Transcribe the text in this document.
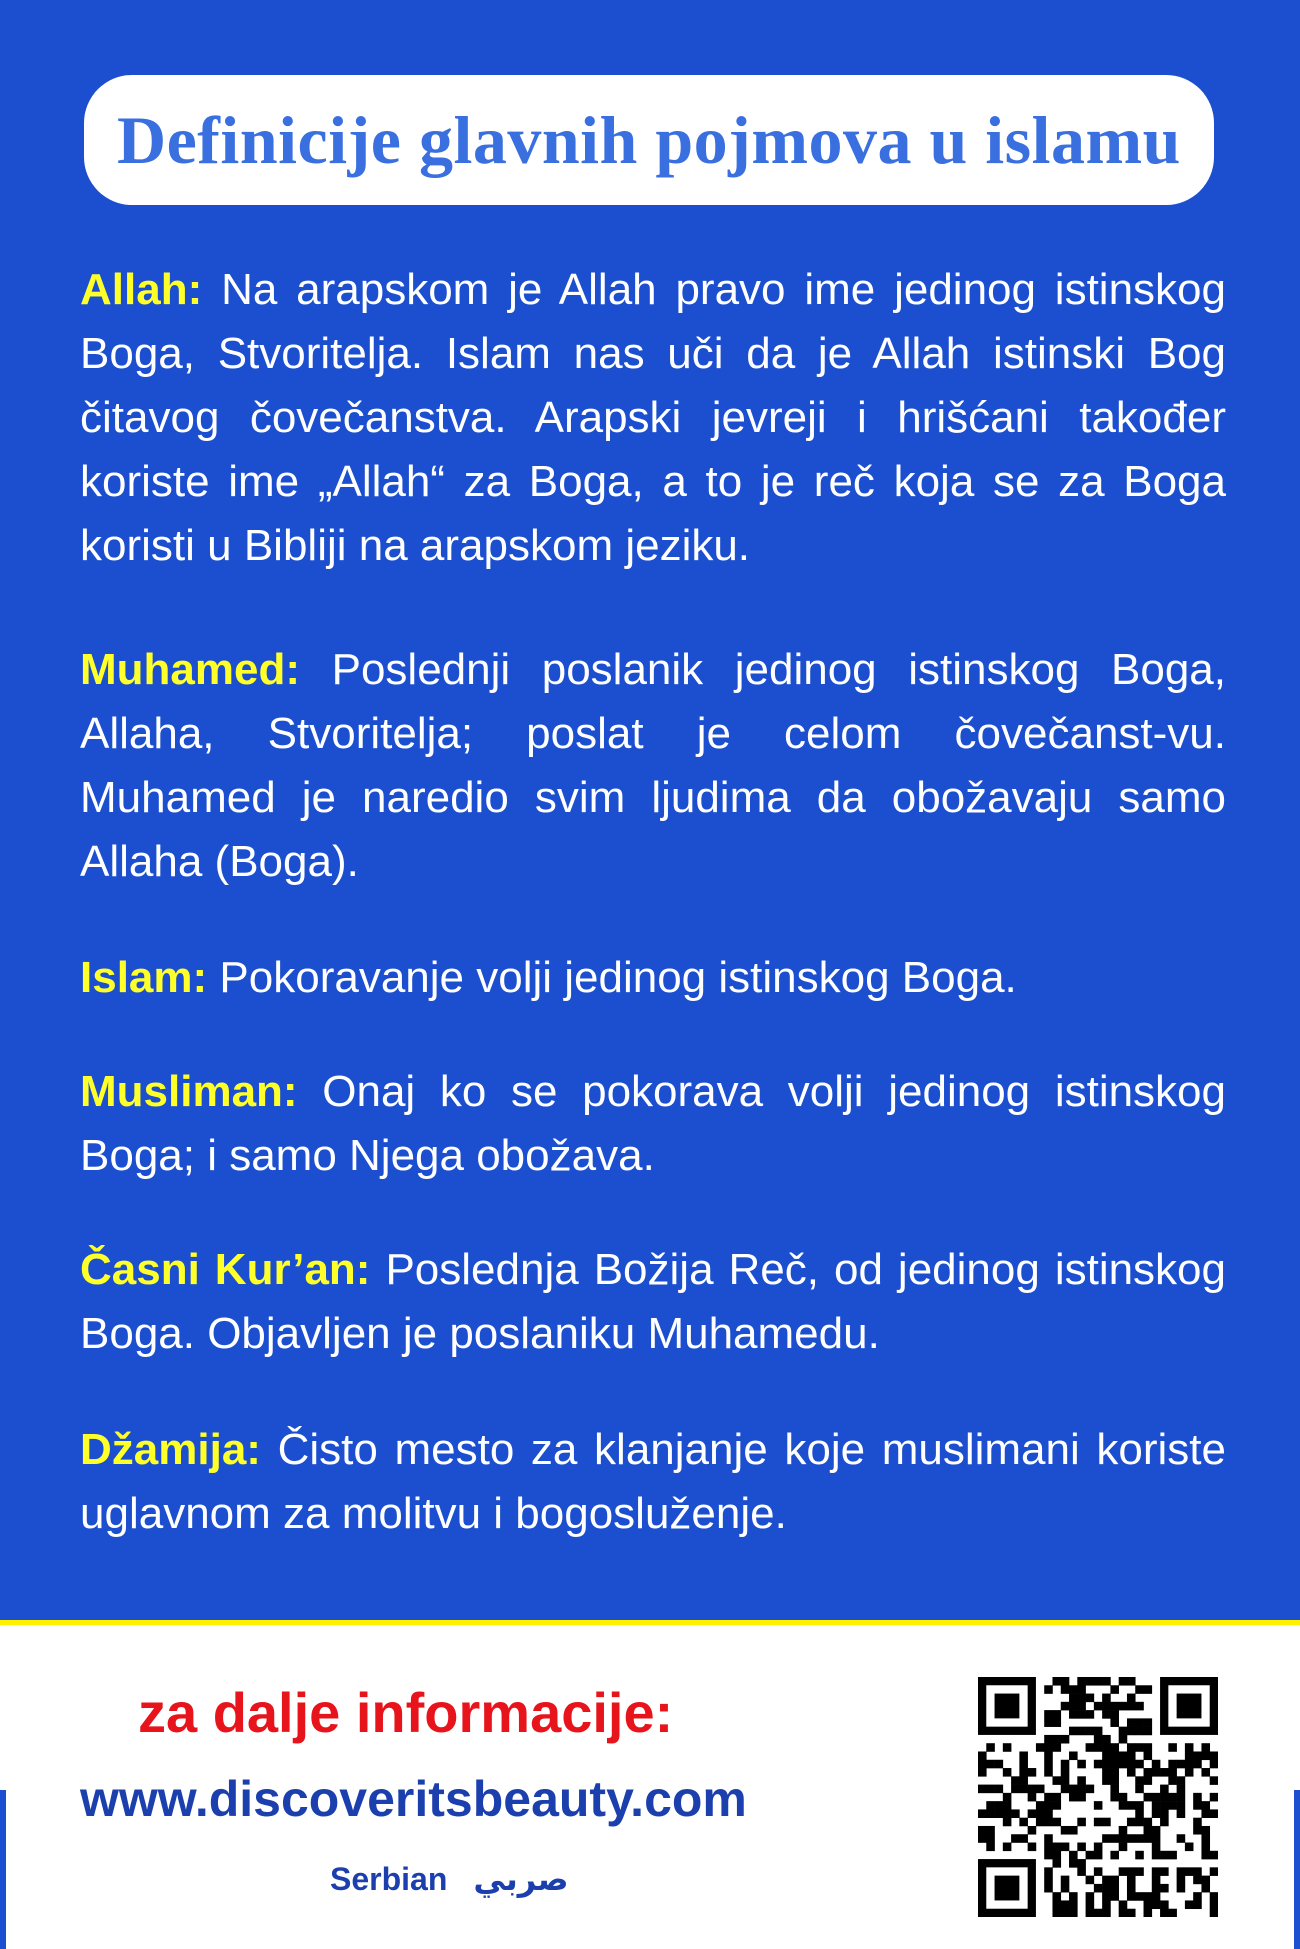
Definicije glavnih pojmova u islamu

Allah: Na arapskom je Allah pravo ime jedinog istinskog Boga, Stvoritelja. Islam nas uči da je Allah istinski Bog čitavog čovečanstva. Arapski jevreji i hrišćani također koriste ime „Allah“ za Boga, a to je reč koja se za Boga koristi u Bibliji na arapskom jeziku.

Muhamed: Poslednji poslanik jedinog istinskog Boga, Allaha, Stvoritelja; poslat je celom čovečanst-vu. Muhamed je naredio svim ljudima da obožavaju samo Allaha (Boga).

Islam: Pokoravanje volji jedinog istinskog Boga.

Musliman: Onaj ko se pokorava volji jedinog istinskog Boga; i samo Njega obožava.

Časni Kur’an: Poslednja Božija Reč, od jedinog istinskog Boga. Objavljen je poslaniku Muhamedu.

Džamija: Čisto mesto za klanjanje koje muslimani koriste uglavnom za molitvu i bogosluženje.

za dalje informacije:
www.discoveritsbeauty.com
Serbian صربي
